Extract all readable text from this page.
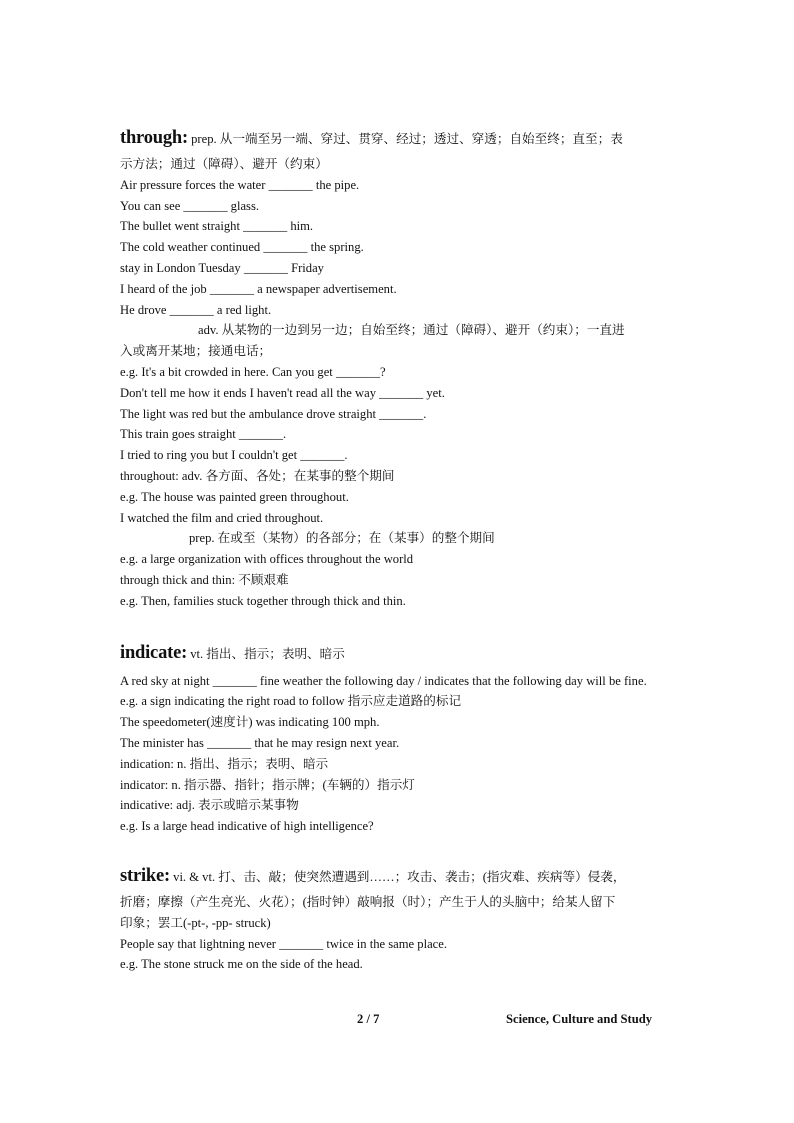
through: prep. 从一端至另一端、穿过、贯穿、经过；透过、穿透；自始至终；直至；表
示方法；通过（障碍）、避开（约束）
Air pressure forces the water _______ the pipe.
You can see _______ glass.
The bullet went straight _______ him.
The cold weather continued _______ the spring.
stay in London Tuesday _______ Friday
I heard of the job _______ a newspaper advertisement.
He drove _______ a red light.
adv. 从某物的一边到另一边；自始至终；通过（障碍）、避开（约束）；一直进
入或离开某地；接通电话；
e.g. It's a bit crowded in here. Can you get _______?
Don't tell me how it ends I haven't read all the way _______ yet.
The light was red but the ambulance drove straight _______.
This train goes straight _______.
I tried to ring you but I couldn't get _______.
throughout: adv. 各方面、各处；在某事的整个期间
e.g. The house was painted green throughout.
I watched the film and cried throughout.
prep. 在或至（某物）的各部分；在（某事）的整个期间
e.g. a large organization with offices throughout the world
through thick and thin: 不顾艰难
e.g. Then, families stuck together through thick and thin.
indicate: vt. 指出、指示；表明、暗示
A red sky at night _______ fine weather the following day / indicates that the following day will be fine.
e.g. a sign indicating the right road to follow 指示应走道路的标记
The speedometer(速度计) was indicating 100 mph.
The minister has _______ that he may resign next year.
indication: n. 指出、指示；表明、暗示
indicator: n. 指示器、指针；指示牌；(车辆的）指示灯
indicative: adj. 表示或暗示某事物
e.g. Is a large head indicative of high intelligence?
strike: vi. & vt. 打、击、敲；使突然遭遇到……；攻击、袭击；(指灾难、疾病等）侵袭，
折磨；摩擦（产生亮光、火花）；(指时钟）敲响报（时）；产生于人的头脑中；给某人留下
印象；罢工(-pt-, -pp- struck)
People say that lightning never _______ twice in the same place.
e.g. The stone struck me on the side of the head.
2 / 7	Science, Culture and Study
